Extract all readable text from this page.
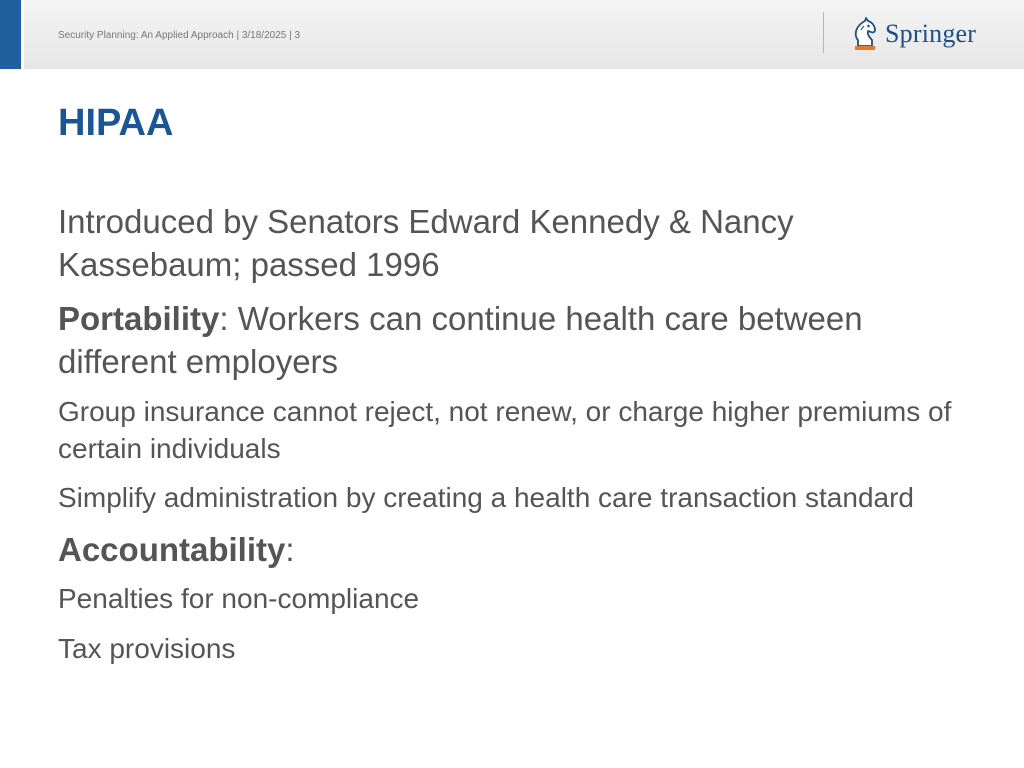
Security Planning: An Applied Approach | 3/18/2025 | 3	Springer
HIPAA

Introduced by Senators Edward Kennedy & Nancy Kassebaum; passed 1996

Portability: Workers can continue health care between different employers

Group insurance cannot reject, not renew, or charge higher premiums of certain individuals

Simplify administration by creating a health care transaction standard

Accountability:

Penalties for non-compliance

Tax provisions
